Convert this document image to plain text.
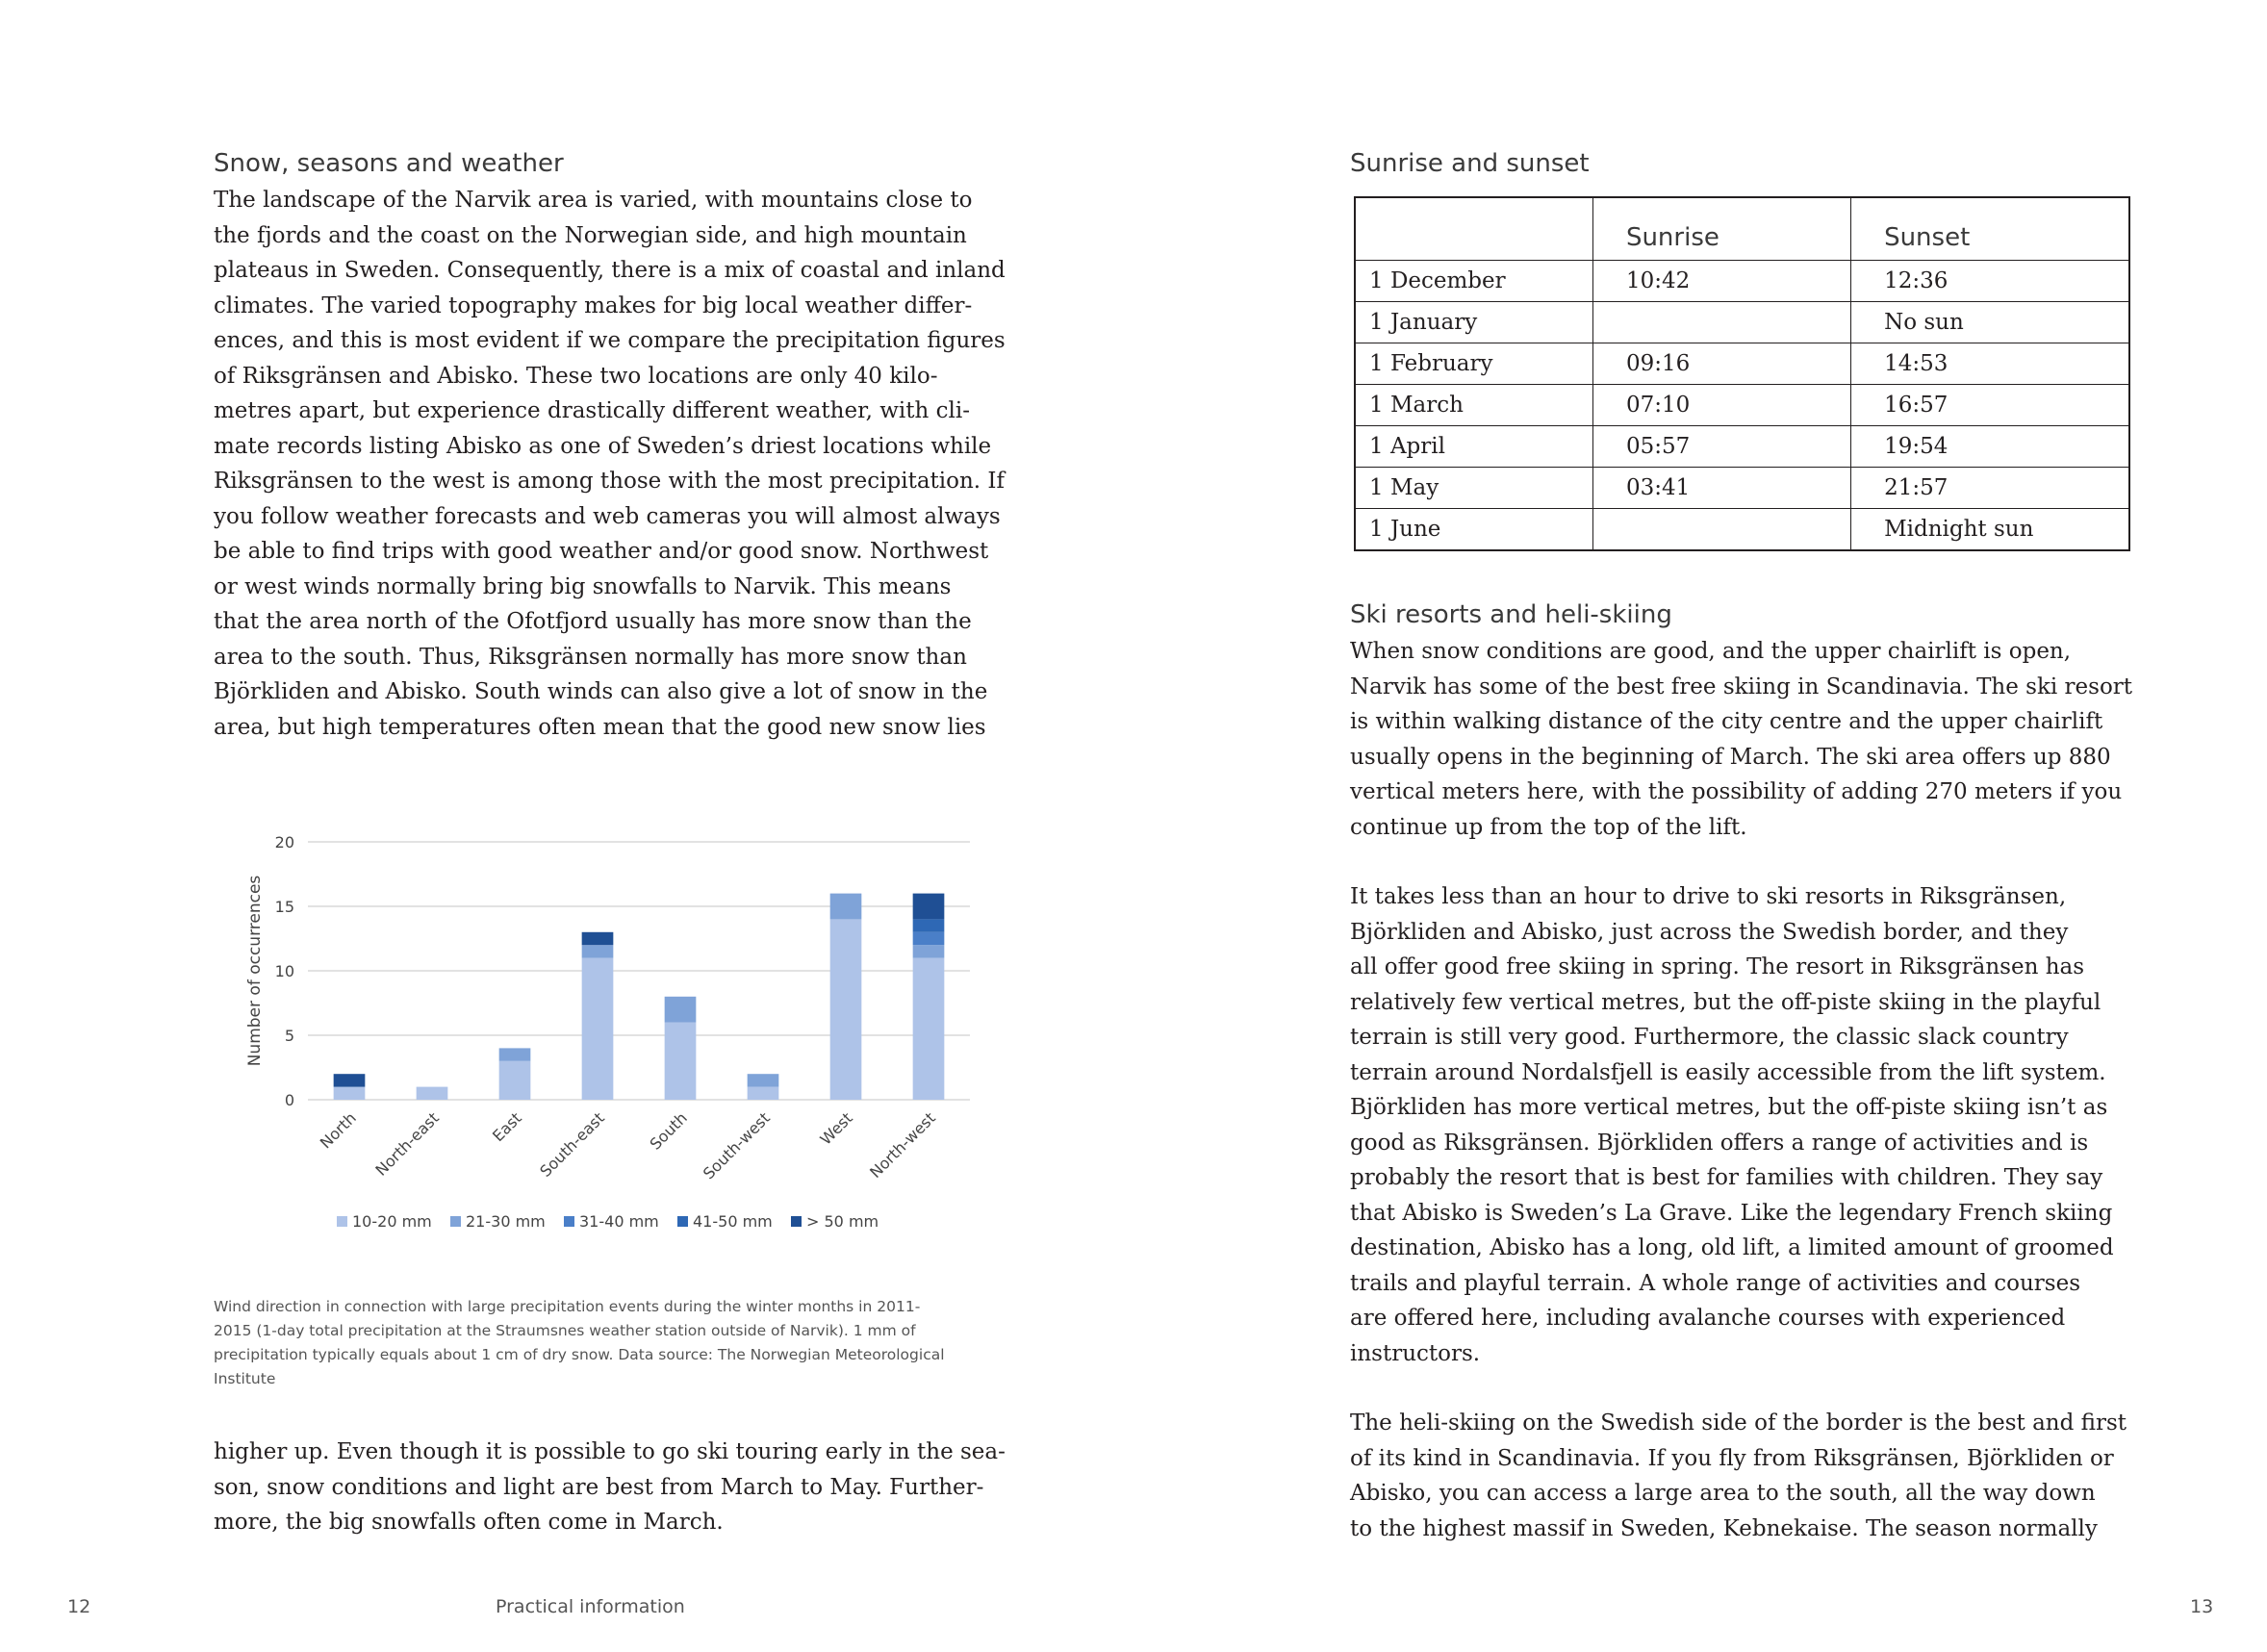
Snow, seasons and weather
The landscape of the Narvik area is varied, with mountains close to
the fjords and the coast on the Norwegian side, and high mountain
plateaus in Sweden. Consequently, there is a mix of coastal and inland
climates. The varied topography makes for big local weather differ-
ences, and this is most evident if we compare the precipitation figures
of Riksgränsen and Abisko. These two locations are only 40 kilo-
metres apart, but experience drastically different weather, with cli-
mate records listing Abisko as one of Sweden’s driest locations while
Riksgränsen to the west is among those with the most precipitation. If
you follow weather forecasts and web cameras you will almost always
be able to find trips with good weather and/or good snow. Northwest
or west winds normally bring big snowfalls to Narvik. This means
that the area north of the Ofotfjord usually has more snow than the
area to the south. Thus, Riksgränsen normally has more snow than
Björkliden and Abisko. South winds can also give a lot of snow in the
area, but high temperatures often mean that the good new snow lies
0
5
10
15
20
Number of occurrences
North North-east	East South-east South South-west	West North-west
10-20 mm 21-30 mm 31-40 mm 41-50 mm > 50 mm
Wind direction in connection with large precipitation events during the winter months in 2011-
2015 (1-day total precipitation at the Straumsnes weather station outside of Narvik). 1 mm of
precipitation typically equals about 1 cm of dry snow. Data source: The Norwegian Meteorological
Institute
higher up. Even though it is possible to go ski touring early in the sea-
son, snow conditions and light are best from March to May. Further-
more, the big snowfalls often come in March.
Sunrise and sunset
	Sunrise	Sunset
1 December	10:42	12:36
1 January		No sun
1 February	09:16	14:53
1 March	07:10	16:57
1 April	05:57	19:54
1 May	03:41	21:57
1 June		Midnight sun
Ski resorts and heli-skiing
When snow conditions are good, and the upper chairlift is open,
Narvik has some of the best free skiing in Scandinavia. The ski resort
is within walking distance of the city centre and the upper chairlift
usually opens in the beginning of March. The ski area offers up 880
vertical meters here, with the possibility of adding 270 meters if you
continue up from the top of the lift.
It takes less than an hour to drive to ski resorts in Riksgränsen,
Björkliden and Abisko, just across the Swedish border, and they
all offer good free skiing in spring. The resort in Riksgränsen has
relatively few vertical metres, but the off-piste skiing in the playful
terrain is still very good. Furthermore, the classic slack country
terrain around Nordalsfjell is easily accessible from the lift system.
Björkliden has more vertical metres, but the off-piste skiing isn’t as
good as Riksgränsen. Björkliden offers a range of activities and is
probably the resort that is best for families with children. They say
that Abisko is Sweden’s La Grave. Like the legendary French skiing
destination, Abisko has a long, old lift, a limited amount of groomed
trails and playful terrain. A whole range of activities and courses
are offered here, including avalanche courses with experienced
instructors.
The heli-skiing on the Swedish side of the border is the best and first
of its kind in Scandinavia. If you fly from Riksgränsen, Björkliden or
Abisko, you can access a large area to the south, all the way down
to the highest massif in Sweden, Kebnekaise. The season normally
12	Practical information	13
